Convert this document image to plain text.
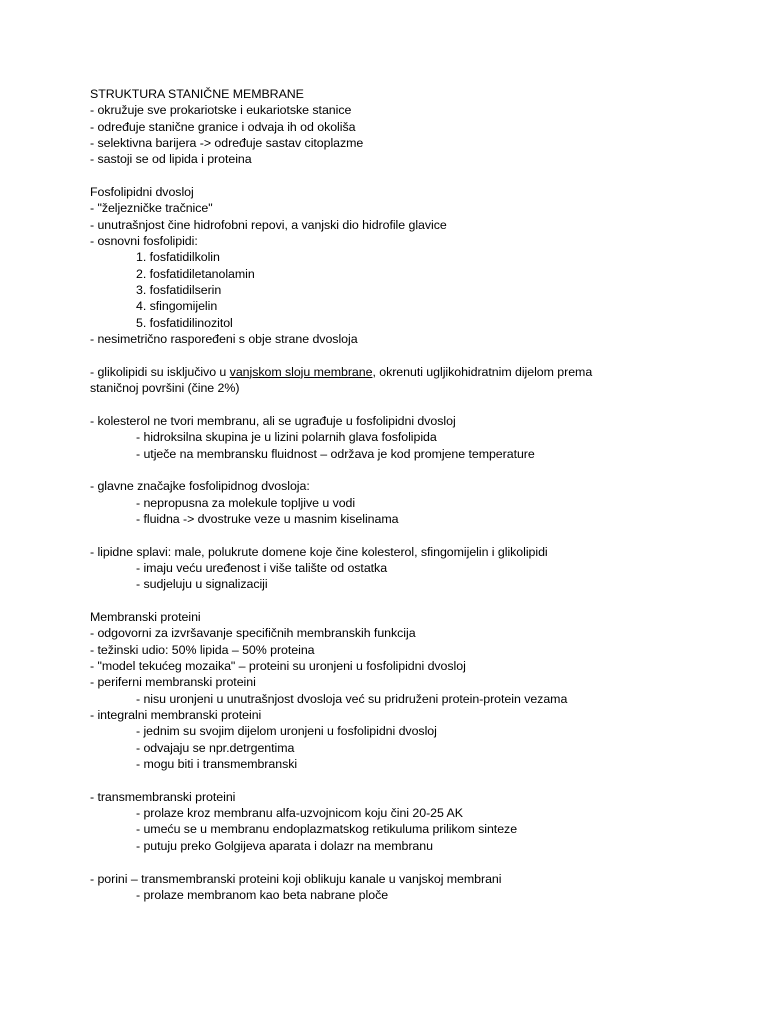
STRUKTURA STANIČNE MEMBRANE
- okružuje sve prokariotske i eukariotske stanice
- određuje stanične granice i odvaja ih od okoliša
- selektivna barijera -> određuje sastav citoplazme
- sastoji se od lipida i proteina
Fosfolipidni dvosloj
- "željezničke tračnice"
- unutrašnjost čine hidrofobni repovi, a vanjski dio hidrofile glavice
- osnovni fosfolipidi:
1. fosfatidilkolin
2. fosfatidiletanolamin
3. fosfatidilserin
4. sfingomijelin
5. fosfatidilinozitol
- nesimetrično raspoređeni s obje strane dvosloja
- glikolipidi su isključivo u vanjskom sloju membrane, okrenuti ugljikohidratnim dijelom prema
staničnoj površini (čine 2%)
- kolesterol ne tvori membranu, ali se ugrađuje u fosfolipidni dvosloj
- hidroksilna skupina je u lizini polarnih glava fosfolipida
- utječe na membransku fluidnost – održava je kod promjene temperature
- glavne značajke fosfolipidnog dvosloja:
- nepropusna za molekule topljive u vodi
- fluidna -> dvostruke veze u masnim kiselinama
- lipidne splavi: male, polukrute domene koje čine kolesterol, sfingomijelin i glikolipidi
- imaju veću uređenost i više talište od ostatka
- sudjeluju u signalizaciji
Membranski proteini
- odgovorni za izvršavanje specifičnih membranskih funkcija
- težinski udio: 50% lipida – 50% proteina
- "model tekućeg mozaika" – proteini su uronjeni u fosfolipidni dvosloj
- periferni membranski proteini
- nisu uronjeni u unutrašnjost dvosloja već su pridruženi protein-protein vezama
- integralni membranski proteini
- jednim su svojim dijelom uronjeni u fosfolipidni dvosloj
- odvajaju se npr.detrgentima
- mogu biti i transmembranski
- transmembranski proteini
- prolaze kroz membranu alfa-uzvojnicom koju čini 20-25 AK
- umeću se u membranu endoplazmatskog retikuluma prilikom sinteze
- putuju preko Golgijeva aparata i dolazr na membranu
- porini – transmembranski proteini koji oblikuju kanale u vanjskoj membrani
- prolaze membranom kao beta nabrane ploče
